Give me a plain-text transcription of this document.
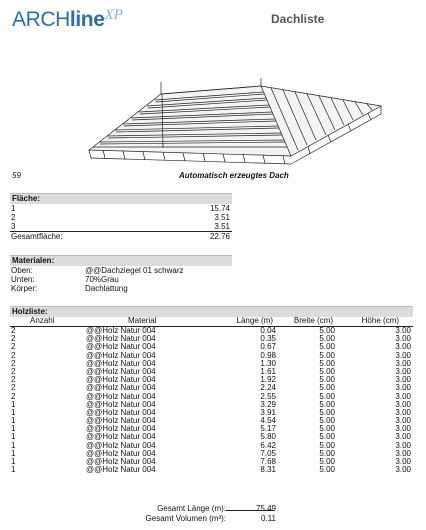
ARCHlineXP	Dachliste
59	Automatisch erzeugtes Dach
Fläche:
1	15.74
2	3.51
3	3.51
Gesamtfläche:	22.76
Materialen:
Oben:	@@Dachziegel 01 schwarz
Unten:	70%Grau
Körper:	Dachlattung
Holzliste:
Anzahl	Material	Länge (m)	Breite (cm)	Höhe (cm)
2	@@Holz Natur 004	0.04	5.00	3.00
2	@@Holz Natur 004	0.35	5.00	3.00
2	@@Holz Natur 004	0.67	5.00	3.00
2	@@Holz Natur 004	0.98	5.00	3.00
2	@@Holz Natur 004	1.30	5.00	3.00
2	@@Holz Natur 004	1.61	5.00	3.00
2	@@Holz Natur 004	1.92	5.00	3.00
2	@@Holz Natur 004	2.24	5.00	3.00
2	@@Holz Natur 004	2.55	5.00	3.00
1	@@Holz Natur 004	3.29	5.00	3.00
1	@@Holz Natur 004	3.91	5.00	3.00
1	@@Holz Natur 004	4.54	5.00	3.00
1	@@Holz Natur 004	5.17	5.00	3.00
1	@@Holz Natur 004	5.80	5.00	3.00
1	@@Holz Natur 004	6.42	5.00	3.00
1	@@Holz Natur 004	7.05	5.00	3.00
1	@@Holz Natur 004	7.68	5.00	3.00
1	@@Holz Natur 004	8.31	5.00	3.00
Gesamt Länge (m):	75.49
Gesamt Volumen (m³):	0.11
